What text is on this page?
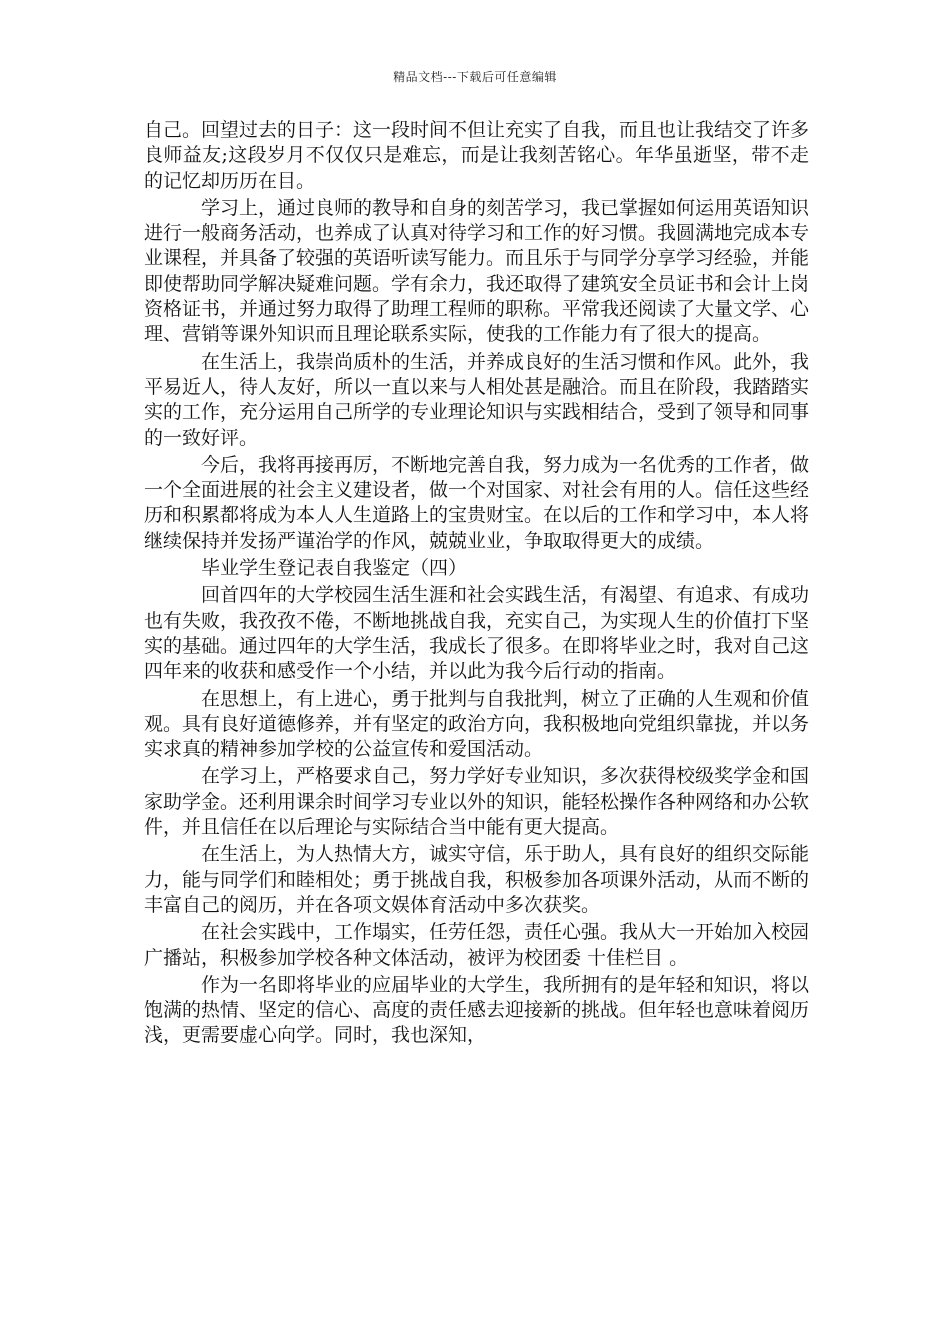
精品文档---下载后可任意编辑

自己。回望过去的日子：这一段时间不但让充实了自我，而且也让我结交了许多良师益友;这段岁月不仅仅只是难忘，而是让我刻苦铭心。年华虽逝坚，带不走的记忆却历历在目。

学习上，通过良师的教导和自身的刻苦学习，我已掌握如何运用英语知识进行一般商务活动，也养成了认真对待学习和工作的好习惯。我圆满地完成本专业课程，并具备了较强的英语听读写能力。而且乐于与同学分享学习经验，并能即使帮助同学解决疑难问题。学有余力，我还取得了建筑安全员证书和会计上岗资格证书，并通过努力取得了助理工程师的职称。平常我还阅读了大量文学、心理、营销等课外知识而且理论联系实际，使我的工作能力有了很大的提高。

在生活上，我崇尚质朴的生活，并养成良好的生活习惯和作风。此外，我平易近人，待人友好，所以一直以来与人相处甚是融洽。而且在阶段，我踏踏实实的工作，充分运用自己所学的专业理论知识与实践相结合，受到了领导和同事的一致好评。

今后，我将再接再厉，不断地完善自我，努力成为一名优秀的工作者，做一个全面进展的社会主义建设者，做一个对国家、对社会有用的人。信任这些经历和积累都将成为本人人生道路上的宝贵财宝。在以后的工作和学习中，本人将继续保持并发扬严谨治学的作风，兢兢业业，争取取得更大的成绩。

毕业学生登记表自我鉴定（四）

回首四年的大学校园生活生涯和社会实践生活，有渴望、有追求、有成功也有失败，我孜孜不倦，不断地挑战自我，充实自己，为实现人生的价值打下坚实的基础。通过四年的大学生活，我成长了很多。在即将毕业之时，我对自己这四年来的收获和感受作一个小结，并以此为我今后行动的指南。

在思想上，有上进心，勇于批判与自我批判，树立了正确的人生观和价值观。具有良好道德修养，并有坚定的政治方向，我积极地向党组织靠拢，并以务实求真的精神参加学校的公益宣传和爱国活动。

在学习上，严格要求自己，努力学好专业知识，多次获得校级奖学金和国家助学金。还利用课余时间学习专业以外的知识，能轻松操作各种网络和办公软件，并且信任在以后理论与实际结合当中能有更大提高。

在生活上，为人热情大方，诚实守信，乐于助人，具有良好的组织交际能力，能与同学们和睦相处；勇于挑战自我，积极参加各项课外活动，从而不断的丰富自己的阅历，并在各项文娱体育活动中多次获奖。

在社会实践中，工作塌实，任劳任怨，责任心强。我从大一开始加入校园广播站，积极参加学校各种文体活动，被评为校团委 十佳栏目 。

作为一名即将毕业的应届毕业的大学生，我所拥有的是年轻和知识，将以饱满的热情、坚定的信心、高度的责任感去迎接新的挑战。但年轻也意味着阅历浅，更需要虚心向学。同时，我也深知，
